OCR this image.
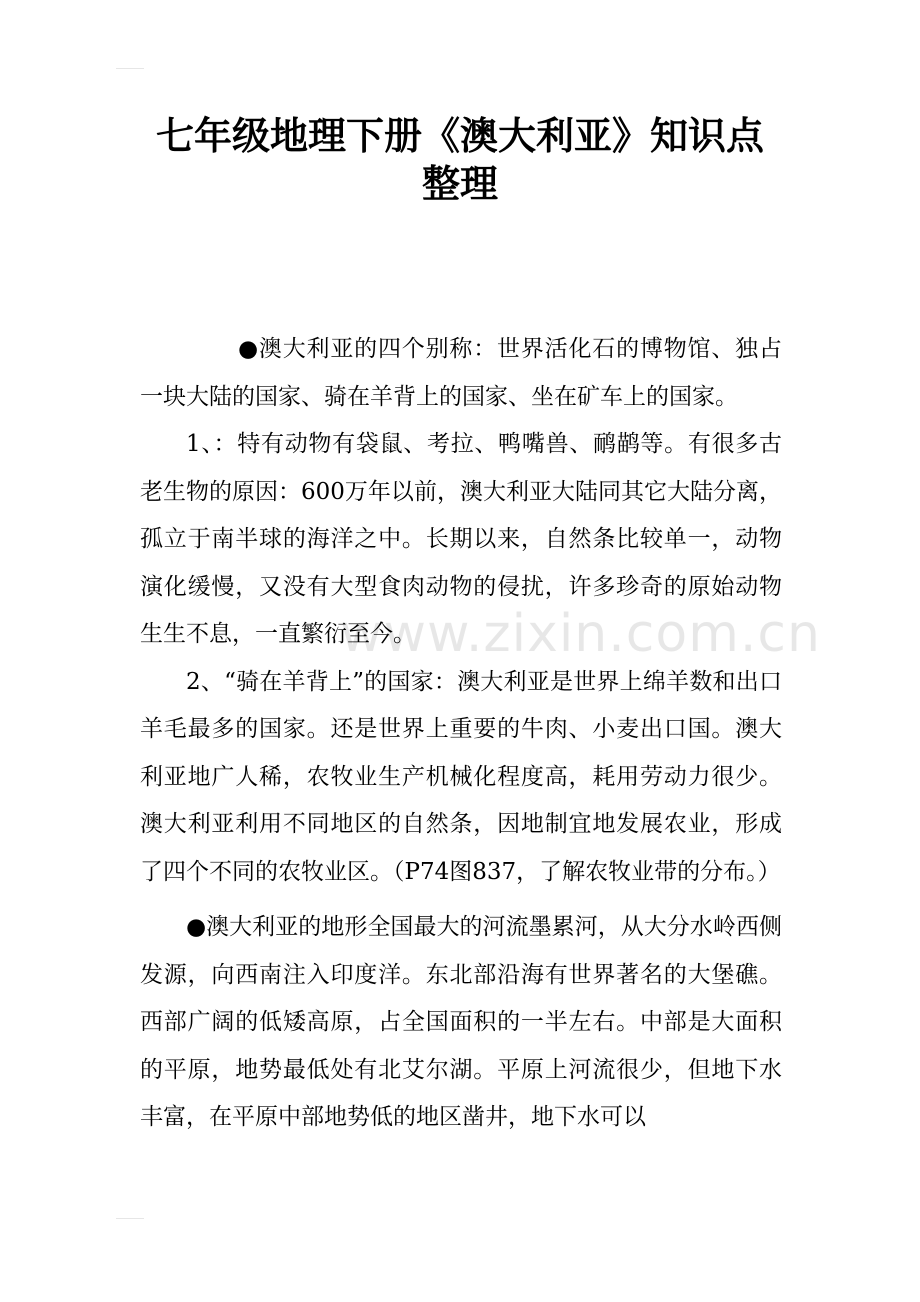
七年级地理下册《澳大利亚》知识点整理

●澳大利亚的四个别称：世界活化石的博物馆、独占一块大陆的国家、骑在羊背上的国家、坐在矿车上的国家。

1、：特有动物有袋鼠、考拉、鸭嘴兽、鸸鹋等。有很多古老生物的原因：600万年以前，澳大利亚大陆同其它大陆分离，孤立于南半球的海洋之中。长期以来，自然条比较单一，动物演化缓慢，又没有大型食肉动物的侵扰，许多珍奇的原始动物生生不息，一直繁衍至今。

2、“骑在羊背上”的国家：澳大利亚是世界上绵羊数和出口羊毛最多的国家。还是世界上重要的牛肉、小麦出口国。澳大利亚地广人稀，农牧业生产机械化程度高，耗用劳动力很少。澳大利亚利用不同地区的自然条，因地制宜地发展农业，形成了四个不同的农牧业区。（P74图837，了解农牧业带的分布。）

●澳大利亚的地形全国最大的河流墨累河，从大分水岭西侧发源，向西南注入印度洋。东北部沿海有世界著名的大堡礁。西部广阔的低矮高原，占全国面积的一半左右。中部是大面积的平原，地势最低处有北艾尔湖。平原上河流很少，但地下水丰富，在平原中部地势低的地区凿井，地下水可以

www.zixin.com.cn
